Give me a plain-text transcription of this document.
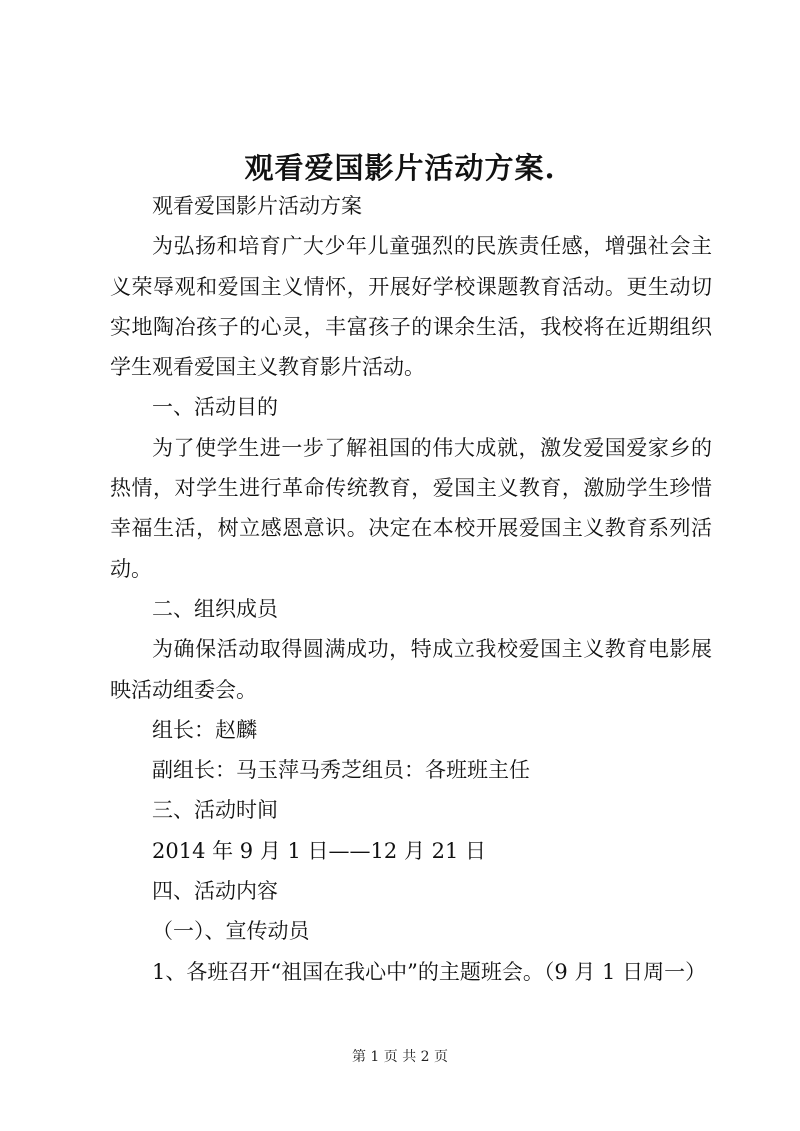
观看爱国影片活动方案.

观看爱国影片活动方案

为弘扬和培育广大少年儿童强烈的民族责任感，增强社会主义荣辱观和爱国主义情怀，开展好学校课题教育活动。更生动切实地陶冶孩子的心灵，丰富孩子的课余生活，我校将在近期组织学生观看爱国主义教育影片活动。

一、活动目的

为了使学生进一步了解祖国的伟大成就，激发爱国爱家乡的热情，对学生进行革命传统教育，爱国主义教育，激励学生珍惜幸福生活，树立感恩意识。决定在本校开展爱国主义教育系列活动。

二、组织成员

为确保活动取得圆满成功，特成立我校爱国主义教育电影展映活动组委会。

组长：赵麟

副组长：马玉萍马秀芝组员：各班班主任

三、活动时间

2014 年 9 月 1 日——12 月 21 日

四、活动内容

（一）、宣传动员

1、各班召开“祖国在我心中”的主题班会。（9 月 1 日周一）

第 1 页 共 2 页
